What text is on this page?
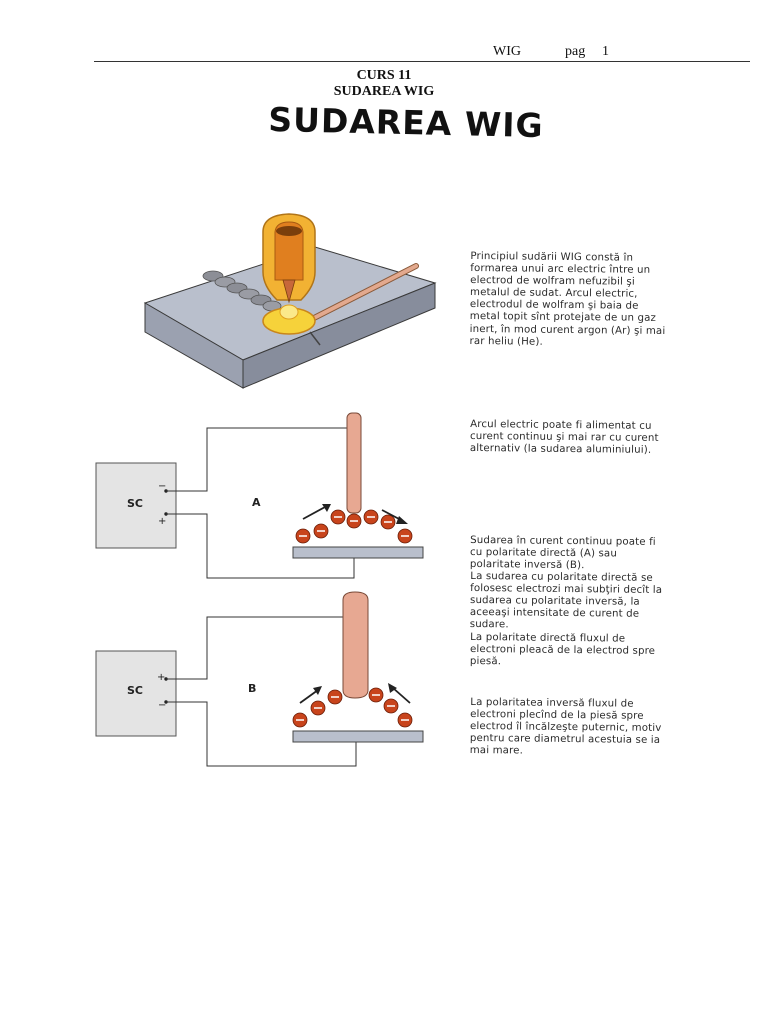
WIG	pag 1
CURS 11
SUDAREA WIG
SUDAREA WIG
SC
−
+
A
SC
+
−
B
Principiul sudării WIG constă în formarea unui arc electric între un electrod de wolfram nefuzibil şi metalul de sudat. Arcul electric, electrodul de wolfram şi baia de metal topit sînt protejate de un gaz inert, în mod curent argon (Ar) şi mai rar heliu (He).
Arcul electric poate fi alimentat cu curent continuu şi mai rar cu curent alternativ (la sudarea aluminiului).
Sudarea în curent continuu poate fi cu polaritate directă (A) sau polaritate inversă (B).
La sudarea cu polaritate directă se folosesc electrozi mai subţiri decît la sudarea cu polaritate inversă, la aceeaşi intensitate de curent de sudare.
La polaritate directă fluxul de electroni pleacă de la electrod spre piesă.
La polaritatea inversă fluxul de electroni plecînd de la piesă spre electrod îl încălzeşte puternic, motiv pentru care diametrul acestuia se ia mai mare.
